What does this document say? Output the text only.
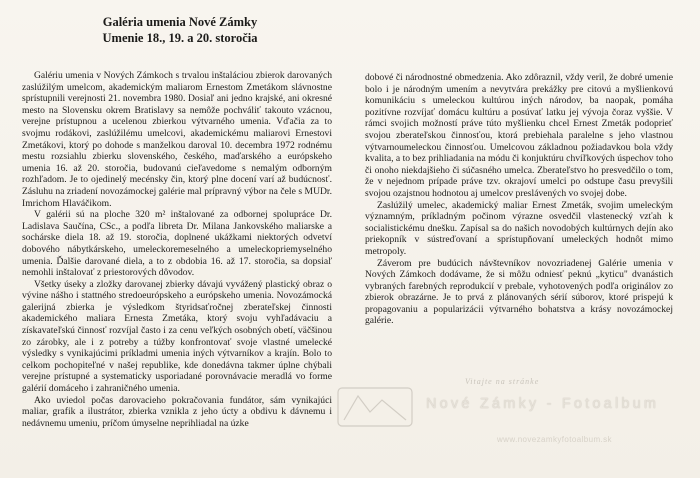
Galéria umenia Nové Zámky
Umenie 18., 19. a 20. storočia

Galériu umenia v Nových Zámkoch s trvalou inštaláciou zbierok darovaných zaslúžilým umelcom, akademickým maliarom Ernestom Zmetákom slávnostne sprístupnili verejnosti 21. novembra 1980. Dosiaľ ani jedno krajské, ani okresné mesto na Slovensku okrem Bratislavy sa nemôže pochváliť takouto vzácnou, verejne prístupnou a ucelenou zbierkou výtvarného umenia. Vďačia za to svojmu rodákovi, zaslúžilému umelcovi, akademickému maliarovi Ernestovi Zmetákovi, ktorý po dohode s manželkou daroval 10. decembra 1972 rodnému mestu rozsiahlu zbierku slovenského, českého, maďarského a európskeho umenia 16. až 20. storočia, budovanú cieľavedome s nemalým odborným rozhľadom. Je to ojedinelý mecénsky čin, ktorý plne docení varí až budúcnosť. Zásluhu na zriadení novozámockej galérie mal prípravný výbor na čele s MUDr. Imrichom Hlaváčikom.

V galérii sú na ploche 320 m² inštalované za odbornej spolupráce Dr. Ladislava Saučína, CSc., a podľa libreta Dr. Milana Jankovského maliarske a sochárske diela 18. až 19. storočia, doplnené ukážkami niektorých odvetví dobového nábytkárskeho, umeleckoremeselného a umeleckopriemyselného umenia. Ďalšie darované diela, a to z obdobia 16. až 17. storočia, sa dopsiaľ nemohli inštalovať z priestorových dôvodov.

Všetky úseky a zložky darovanej zbierky dávajú vyvážený plastický obraz o vývine nášho i stattného stredoeurópskeho a európskeho umenia. Novozámocká galerijná zbierka je výsledkom štyridsaťročnej zberateľskej činnosti akademického maliara Ernesta Zmetáka, ktorý svoju vyhľadávaciu a získavateľskú činnosť rozvíjal často i za cenu veľkých osobných obetí, väčšinou zo zárobky, ale i z potreby a túžby konfrontovať svoje vlastné umelecké výsledky s vynikajúcimi príkladmi umenia iných výtvarníkov a krajín. Bolo to celkom pochopiteľné v našej republike, kde donedávna takmer úplne chýbali verejne prístupné a systematicky usporiadané porovnávacie meradlá vo forme galérií domáceho i zahraničného umenia.

Ako uviedol počas darovacieho pokračovania fundátor, sám vynikajúci maliar, grafik a ilustrátor, zbierka vznikla z jeho úcty a obdivu k dávnemu i nedávnemu umeniu, príčom úmyselne neprihliadal na úzke

dobové či národnostné obmedzenia. Ako zdôraznil, vždy veril, že dobré umenie bolo i je národným umením a nevytvára prekážky pre citovú a myšlienkovú komunikáciu s umeleckou kultúrou iných národov, ba naopak, pomáha pozitívne rozvíjať domácu kultúru a posúvať latku jej vývoja čoraz vyššie. V rámci svojich možností práve túto myšlienku chcel Ernest Zmeták podoprieť svojou zberateľskou činnosťou, ktorá prebiehala paralelne s jeho vlastnou výtvarnoumeleckou činnosťou. Umelcovou základnou požiadavkou bola vždy kvalita, a to bez prihliadania na módu či konjuktúru chvíľkových úspechov toho či onoho niekdajšieho či súčasného umelca. Zberateľstvo ho presvedčilo o tom, že v nejednom prípade práve tzv. okrajoví umelci po odstupe času prevyšili svojou ozajstnou hodnotou aj umelcov preslávených vo svojej dobe.

Zaslúžilý umelec, akademický maliar Ernest Zmeták, svojim umeleckým významným, príkladným počinom výrazne osvedčil vlastenecký vzťah k socialistickému dnešku. Zapísal sa do našich novodobých kultúrnych dejín ako priekopník v sústreďovaní a sprístupňovaní umeleckých hodnôt mimo metropoly.

Záverom pre budúcich návštevníkov novozriadenej Galérie umenia v Nových Zámkoch dodávame, že si môžu odniesť peknú „kyticu" dvanástich vybraných farebných reprodukcií v prebale, vyhotovených podľa originálov zo zbierok obrazárne. Je to prvá z plánovaných sérií súborov, ktoré prispejú k propagovaniu a popularizácii výtvarného bohatstva a krásy novozámockej galérie.

Vitajte na stránke
Nové Zámky - Fotoalbum
www.novezamkyfotoalbum.sk
